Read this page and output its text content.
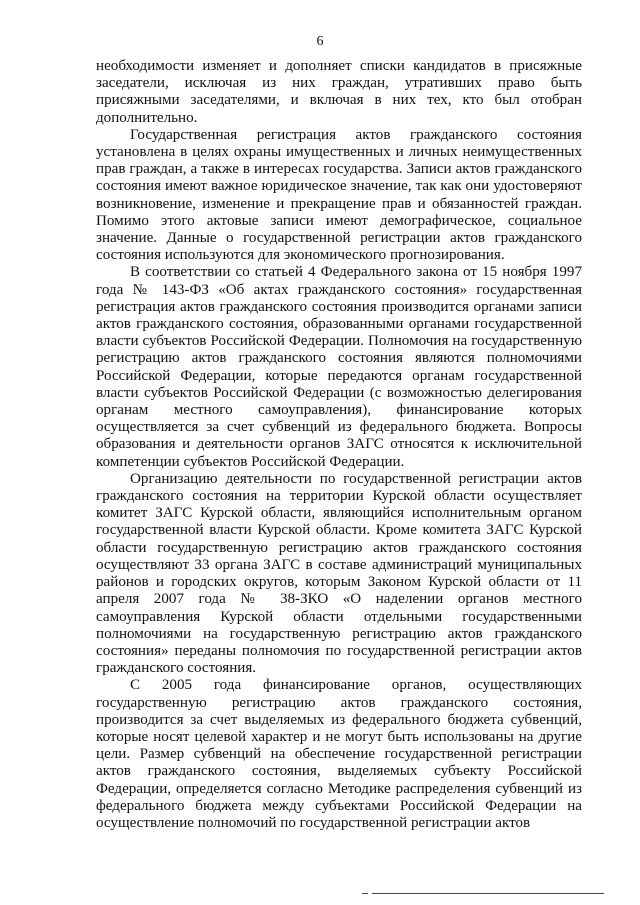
6

необходимости изменяет и дополняет списки кандидатов в присяжные заседатели, исключая из них граждан, утративших право быть присяжными заседателями, и включая в них тех, кто был отобран дополнительно.

Государственная регистрация актов гражданского состояния установлена в целях охраны имущественных и личных неимущественных прав граждан, а также в интересах государства. Записи актов гражданского состояния имеют важное юридическое значение, так как они удостоверяют возникновение, изменение и прекращение прав и обязанностей граждан. Помимо этого актовые записи имеют демографическое, социальное значение. Данные о государственной регистрации актов гражданского состояния используются для экономического прогнозирования.

В соответствии со статьей 4 Федерального закона от 15 ноября 1997 года № 143-ФЗ «Об актах гражданского состояния» государственная регистрация актов гражданского состояния производится органами записи актов гражданского состояния, образованными органами государственной власти субъектов Российской Федерации. Полномочия на государственную регистрацию актов гражданского состояния являются полномочиями Российской Федерации, которые передаются органам государственной власти субъектов Российской Федерации (с возможностью делегирования органам местного самоуправления), финансирование которых осуществляется за счет субвенций из федерального бюджета. Вопросы образования и деятельности органов ЗАГС относятся к исключительной компетенции субъектов Российской Федерации.

Организацию деятельности по государственной регистрации актов гражданского состояния на территории Курской области осуществляет комитет ЗАГС Курской области, являющийся исполнительным органом государственной власти Курской области. Кроме комитета ЗАГС Курской области государственную регистрацию актов гражданского состояния осуществляют 33 органа ЗАГС в составе администраций муниципальных районов и городских округов, которым Законом Курской области от 11 апреля 2007 года № 38-ЗКО «О наделении органов местного самоуправления Курской области отдельными государственными полномочиями на государственную регистрацию актов гражданского состояния» переданы полномочия по государственной регистрации актов гражданского состояния.

С 2005 года финансирование органов, осуществляющих государственную регистрацию актов гражданского состояния, производится за счет выделяемых из федерального бюджета субвенций, которые носят целевой характер и не могут быть использованы на другие цели. Размер субвенций на обеспечение государственной регистрации актов гражданского состояния, выделяемых субъекту Российской Федерации, определяется согласно Методике распределения субвенций из федерального бюджета между субъектами Российской Федерации на осуществление полномочий по государственной регистрации актов
